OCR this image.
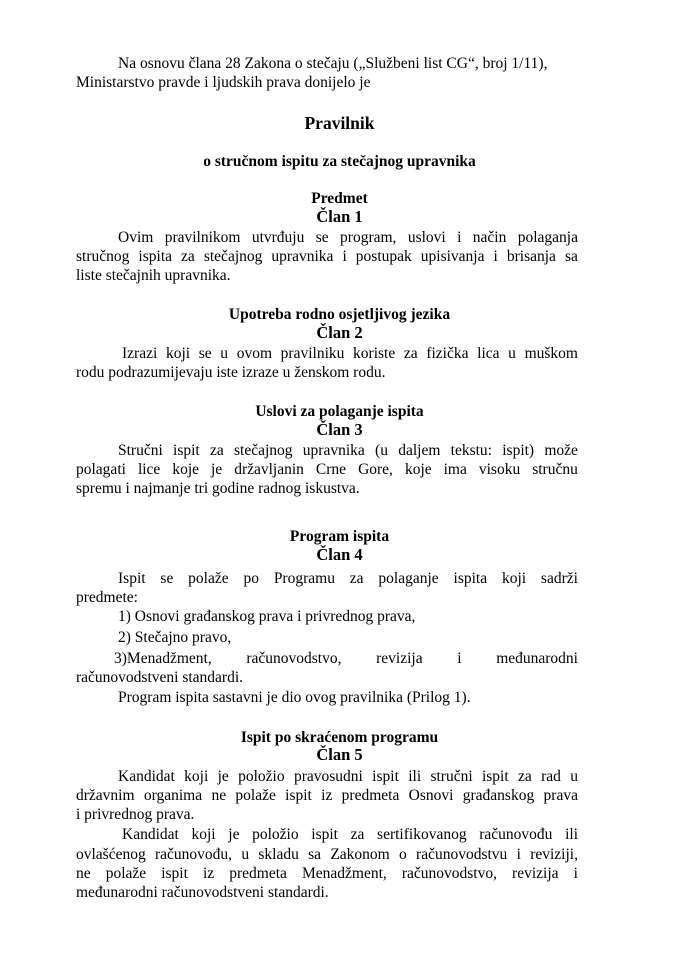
Na osnovu člana 28 Zakona o stečaju („Službeni list CG“, broj 1/11),
Ministarstvo pravde i ljudskih prava donijelo je
Pravilnik
o stručnom ispitu za stečajnog upravnika
Predmet
Član 1
Ovim pravilnikom utvrđuju se program, uslovi i način polaganja
stručnog ispita za stečajnog upravnika i postupak upisivanja i brisanja sa
liste stečajnih upravnika.
Upotreba rodno osjetljivog jezika
Član 2
Izrazi koji se u ovom pravilniku koriste za fizička lica u muškom
rodu podrazumijevaju iste izraze u ženskom rodu.
Uslovi za polaganje ispita
Član 3
Stručni ispit za stečajnog upravnika (u daljem tekstu: ispit) može
polagati lice koje je državljanin Crne Gore, koje ima visoku stručnu
spremu i najmanje tri godine radnog iskustva.
Program ispita
Član 4
Ispit se polaže po Programu za polaganje ispita koji sadrži
predmete:
1) Osnovi građanskog prava i privrednog prava,
2) Stečajno pravo,
3)Menadžment, računovodstvo, revizija i međunarodni
računovodstveni standardi.
Program ispita sastavni je dio ovog pravilnika (Prilog 1).
Ispit po skraćenom programu
Član 5
Kandidat koji je položio pravosudni ispit ili stručni ispit za rad u
državnim organima ne polaže ispit iz predmeta Osnovi građanskog prava
i privrednog prava.
Kandidat koji je položio ispit za sertifikovanog računovođu ili
ovlašćenog računovođu, u skladu sa Zakonom o računovodstvu i reviziji,
ne polaže ispit iz predmeta Menadžment, računovodstvo, revizija i
međunarodni računovodstveni standardi.
